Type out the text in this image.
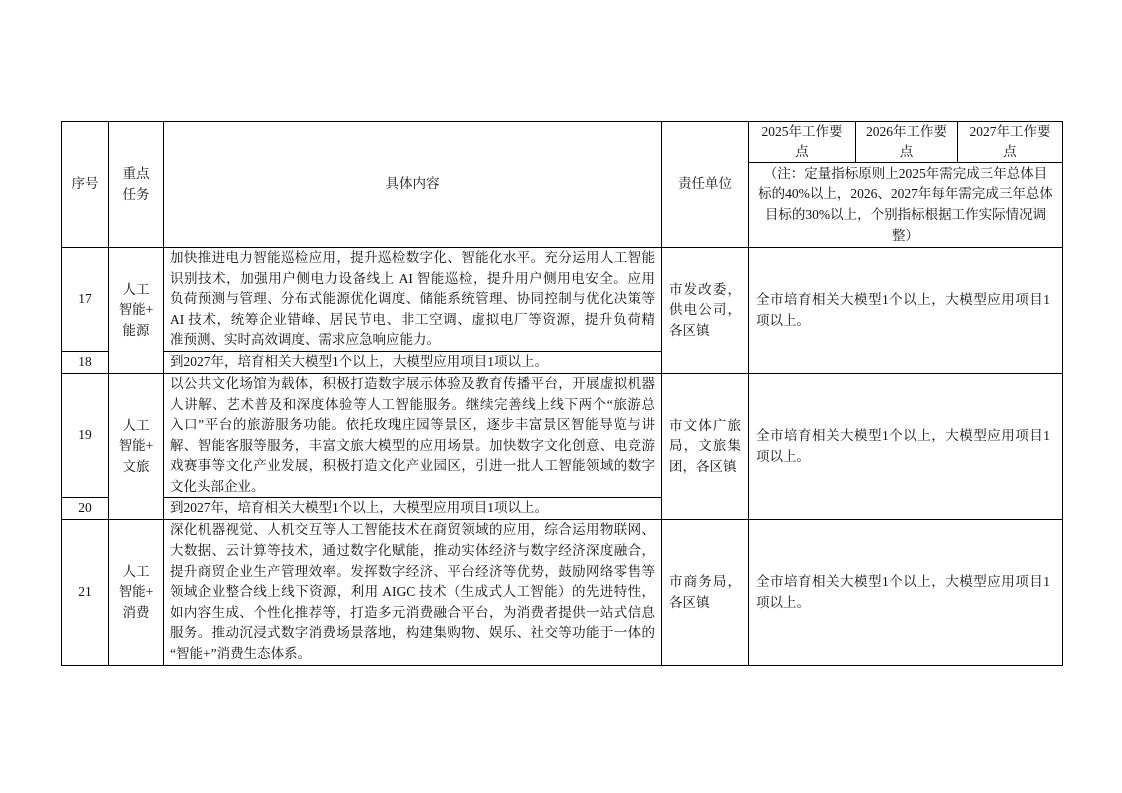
序号
重点
任务
具体内容	责任单位
2025年工作要
点
2026年工作要
点
2027年工作要
点
（注：定量指标原则上2025年需完成三年总体目
标的40%以上，2026、2027年每年需完成三年总体
目标的30%以上，个别指标根据工作实际情况调
整）
17
18
人工
智能+
能源
加快推进电力智能巡检应用，提升巡检数字化、智能化水平。充分运用人工智能
识别技术，加强用户侧电力设备线上 AI 智能巡检，提升用户侧用电安全。应用
负荷预测与管理、分布式能源优化调度、储能系统管理、协同控制与优化决策等
AI 技术，统筹企业错峰、居民节电、非工空调、虚拟电厂等资源，提升负荷精
准预测、实时高效调度、需求应急响应能力。
到2027年，培育相关大模型1个以上，大模型应用项目1项以上。
市发改委，
供电公司，
各区镇
全市培育相关大模型1个以上，大模型应用项目1
项以上。
19
20
人工
智能+
文旅
以公共文化场馆为载体，积极打造数字展示体验及教育传播平台，开展虚拟机器
人讲解、艺术普及和深度体验等人工智能服务。继续完善线上线下两个“旅游总
入口”平台的旅游服务功能。依托玫瑰庄园等景区，逐步丰富景区智能导览与讲
解、智能客服等服务，丰富文旅大模型的应用场景。加快数字文化创意、电竞游
戏赛事等文化产业发展，积极打造文化产业园区，引进一批人工智能领域的数字
文化头部企业。
到2027年，培育相关大模型1个以上，大模型应用项目1项以上。
市文体广旅
局，文旅集
团，各区镇
全市培育相关大模型1个以上，大模型应用项目1
项以上。
21
人工
智能+
消费
深化机器视觉、人机交互等人工智能技术在商贸领域的应用，综合运用物联网、
大数据、云计算等技术，通过数字化赋能，推动实体经济与数字经济深度融合，
提升商贸企业生产管理效率。发挥数字经济、平台经济等优势，鼓励网络零售等
领域企业整合线上线下资源，利用 AIGC 技术（生成式人工智能）的先进特性，
如内容生成、个性化推荐等，打造多元消费融合平台，为消费者提供一站式信息
服务。推动沉浸式数字消费场景落地，构建集购物、娱乐、社交等功能于一体的
“智能+”消费生态体系。
市商务局，
各区镇
全市培育相关大模型1个以上，大模型应用项目1
项以上。
